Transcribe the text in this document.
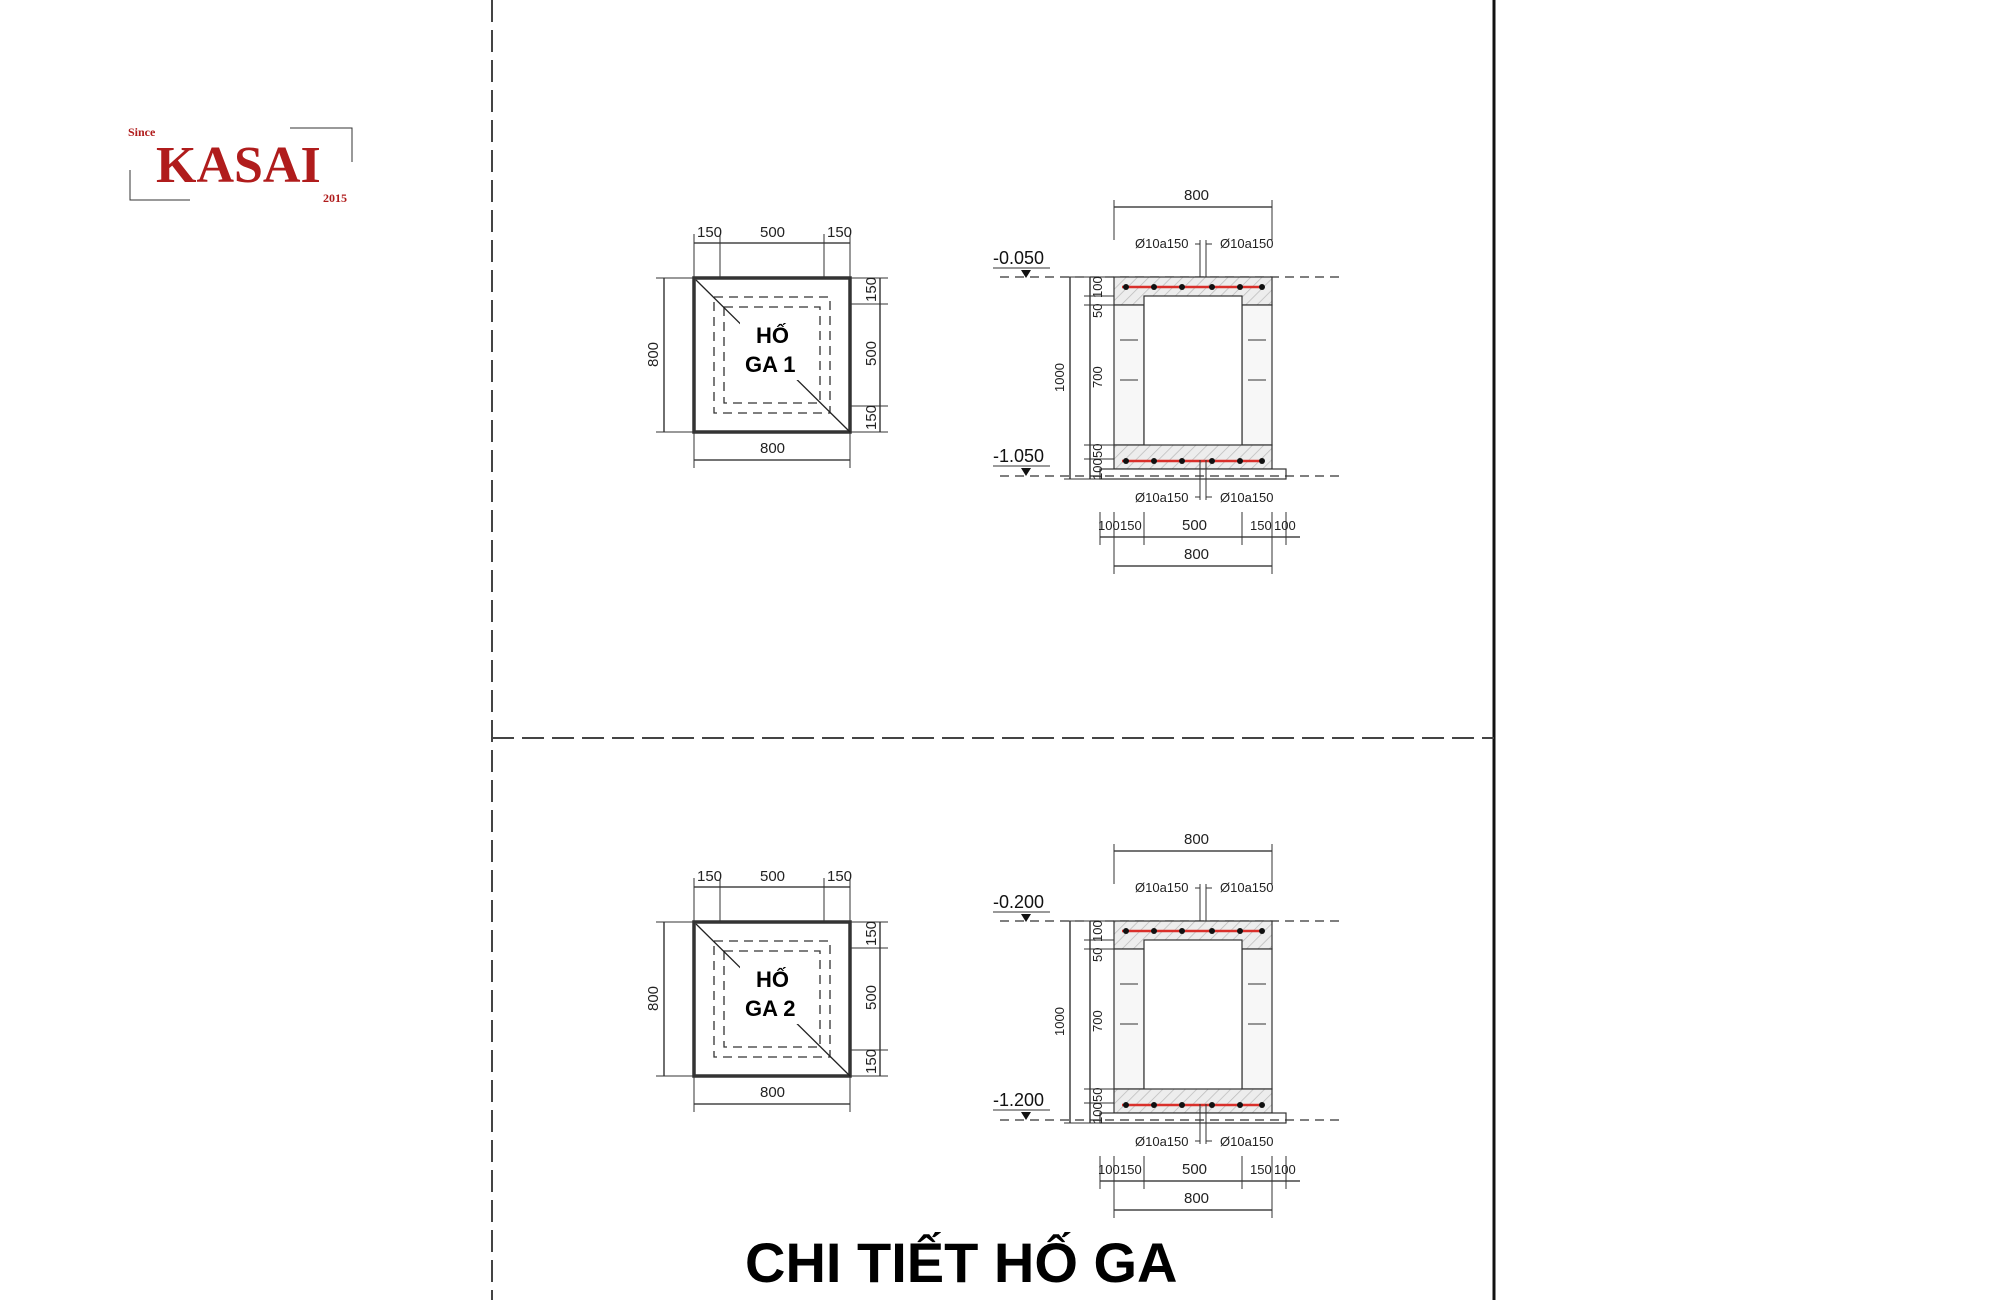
Since
KASAI
2015
150	500	150
800
150
500
150
800
HỐ
GA 1
800
Ø10a150 Ø10a150
-0.050
-1.050
100
50
1000 700
50
100
Ø10a150 Ø10a150
100 150	500	150 100
800
150	500	150
800
150
500
150
800
HỐ
GA 2
800
Ø10a150 Ø10a150
-0.200
-1.200
100
50
1000 700
50
100
Ø10a150 Ø10a150
100 150	500	150 100
800
CHI TIẾT HỐ GA
